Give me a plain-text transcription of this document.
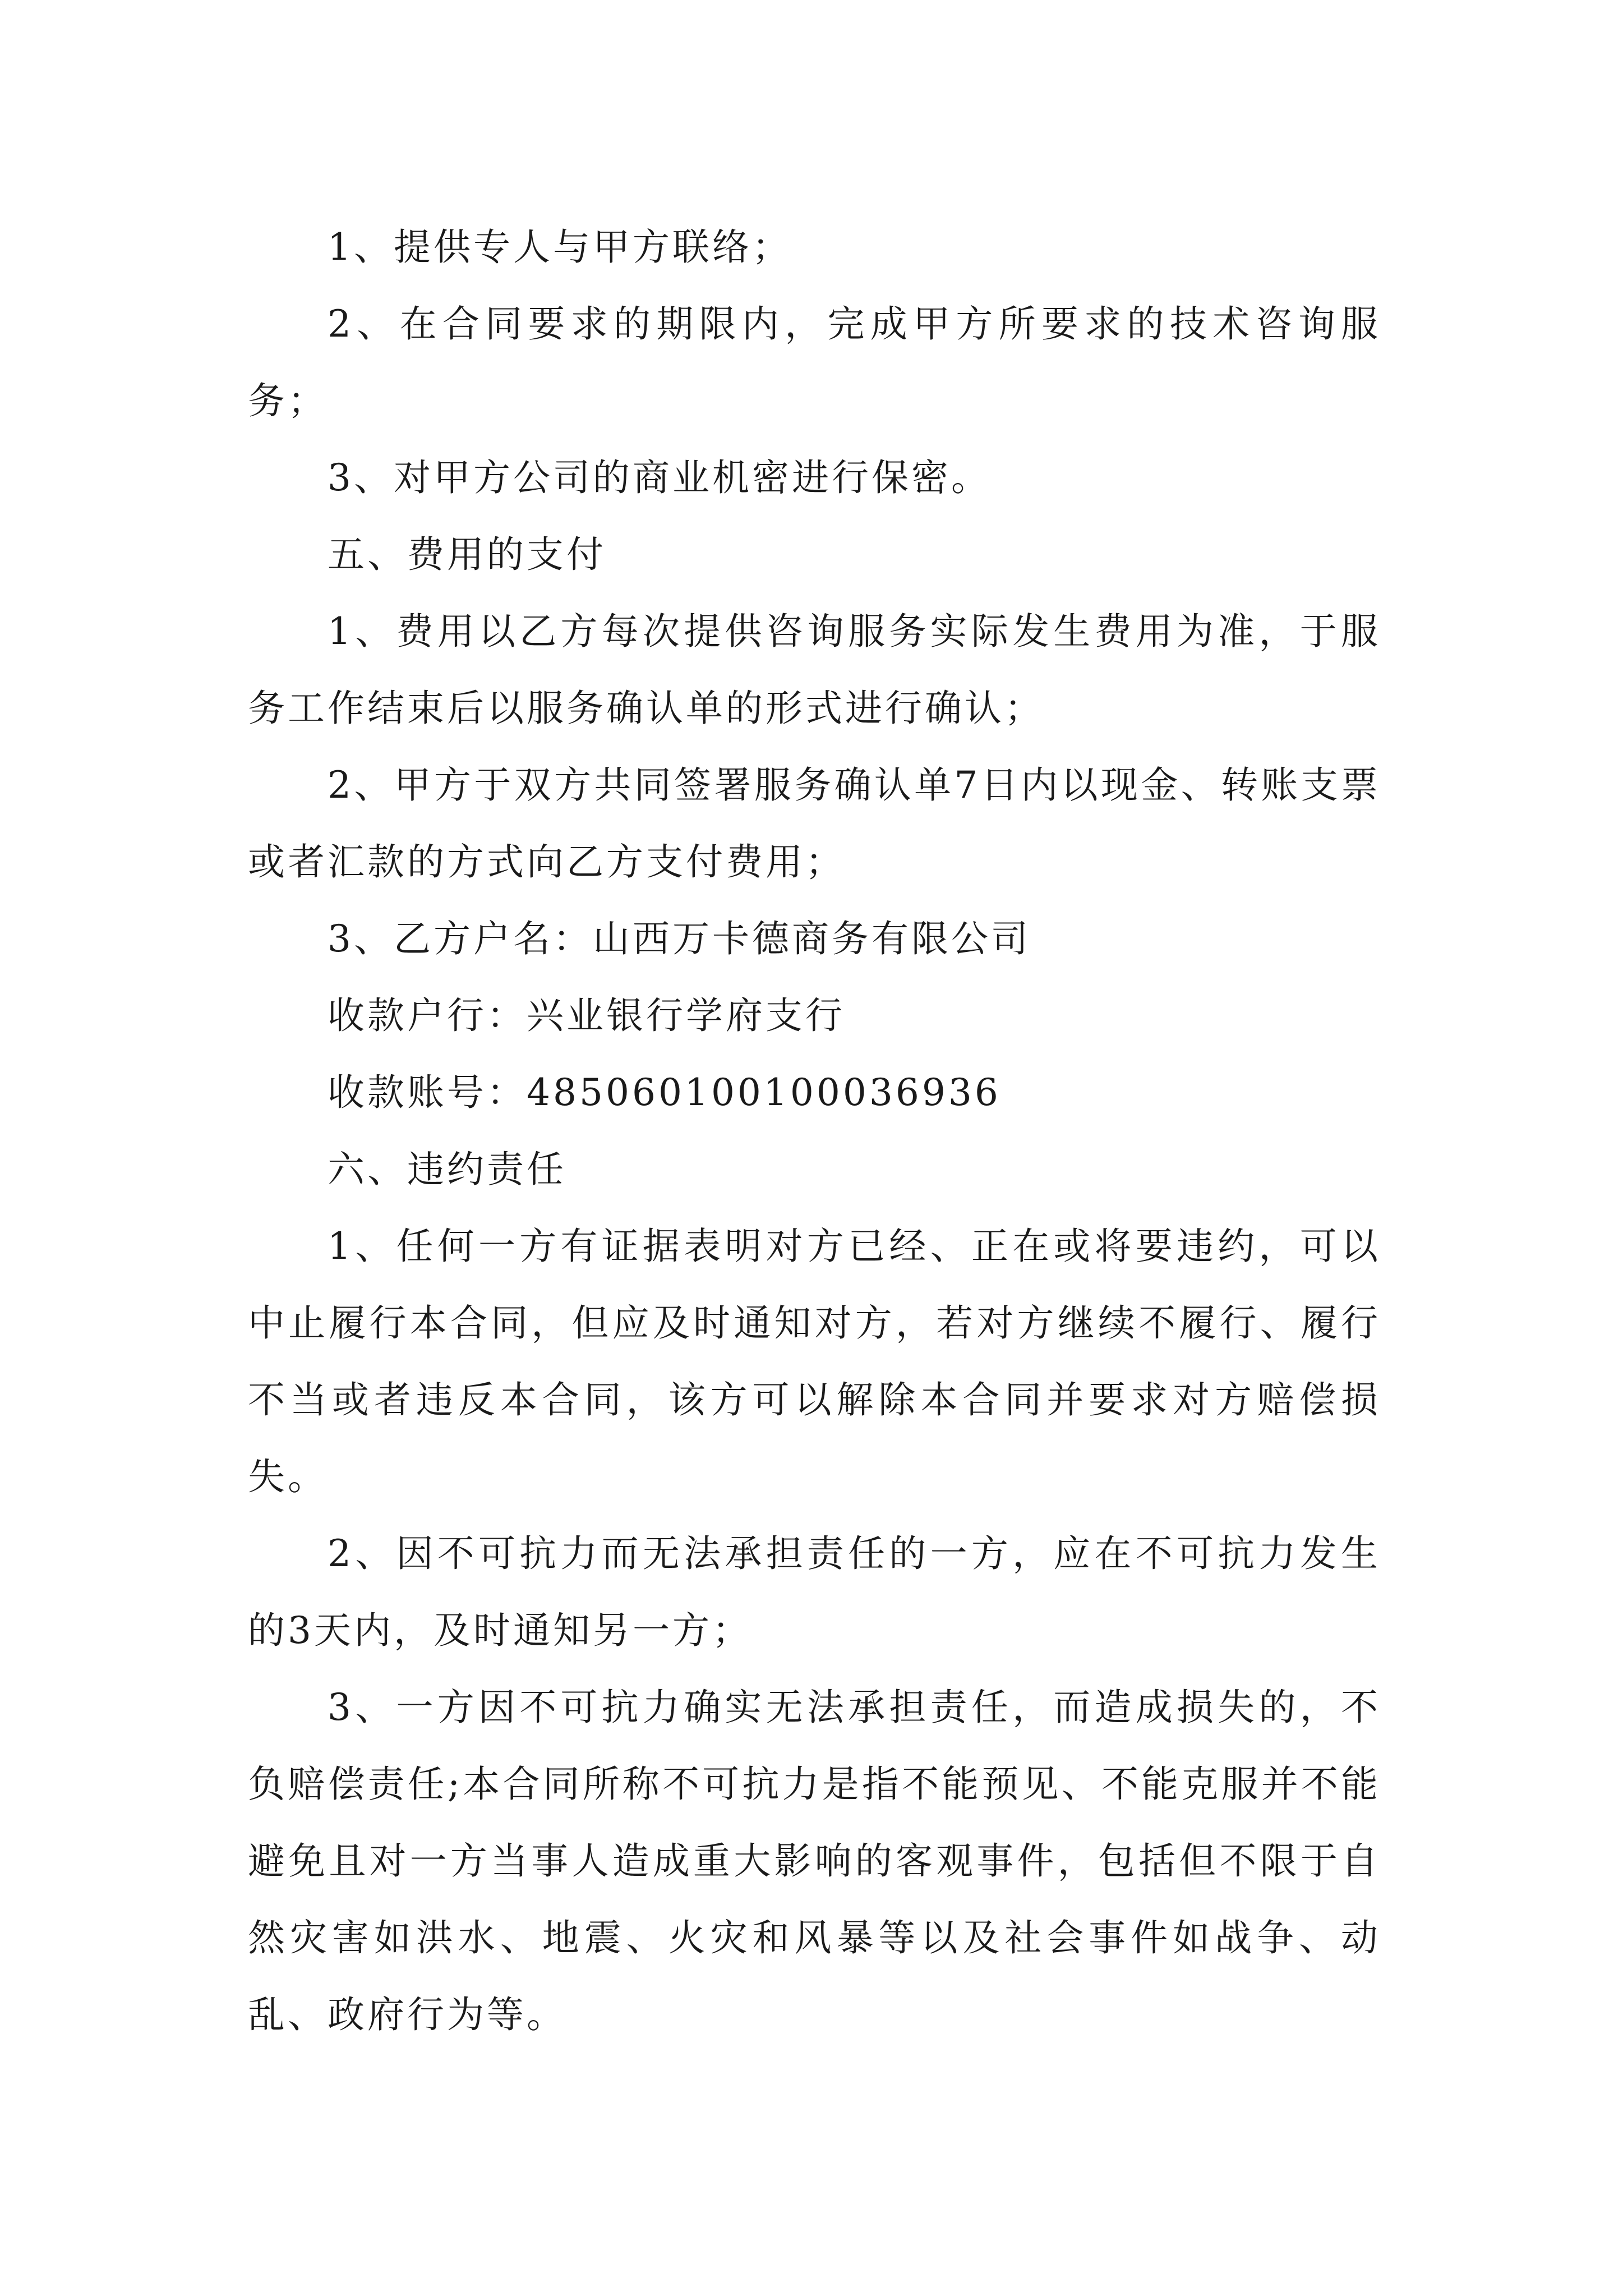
1、提供专人与甲方联络；

2、在合同要求的期限内，完成甲方所要求的技术咨询服务；

3、对甲方公司的商业机密进行保密。

五、费用的支付

1、费用以乙方每次提供咨询服务实际发生费用为准，于服务工作结束后以服务确认单的形式进行确认；

2、甲方于双方共同签署服务确认单7日内以现金、转账支票或者汇款的方式向乙方支付费用；

3、乙方户名：山西万卡德商务有限公司

收款户行：兴业银行学府支行

收款账号：485060100100036936

六、违约责任

1、任何一方有证据表明对方已经、正在或将要违约，可以中止履行本合同，但应及时通知对方，若对方继续不履行、履行不当或者违反本合同，该方可以解除本合同并要求对方赔偿损失。

2、因不可抗力而无法承担责任的一方，应在不可抗力发生的3天内，及时通知另一方；

3、一方因不可抗力确实无法承担责任，而造成损失的，不负赔偿责任;本合同所称不可抗力是指不能预见、不能克服并不能避免且对一方当事人造成重大影响的客观事件，包括但不限于自然灾害如洪水、地震、火灾和风暴等以及社会事件如战争、动乱、政府行为等。
